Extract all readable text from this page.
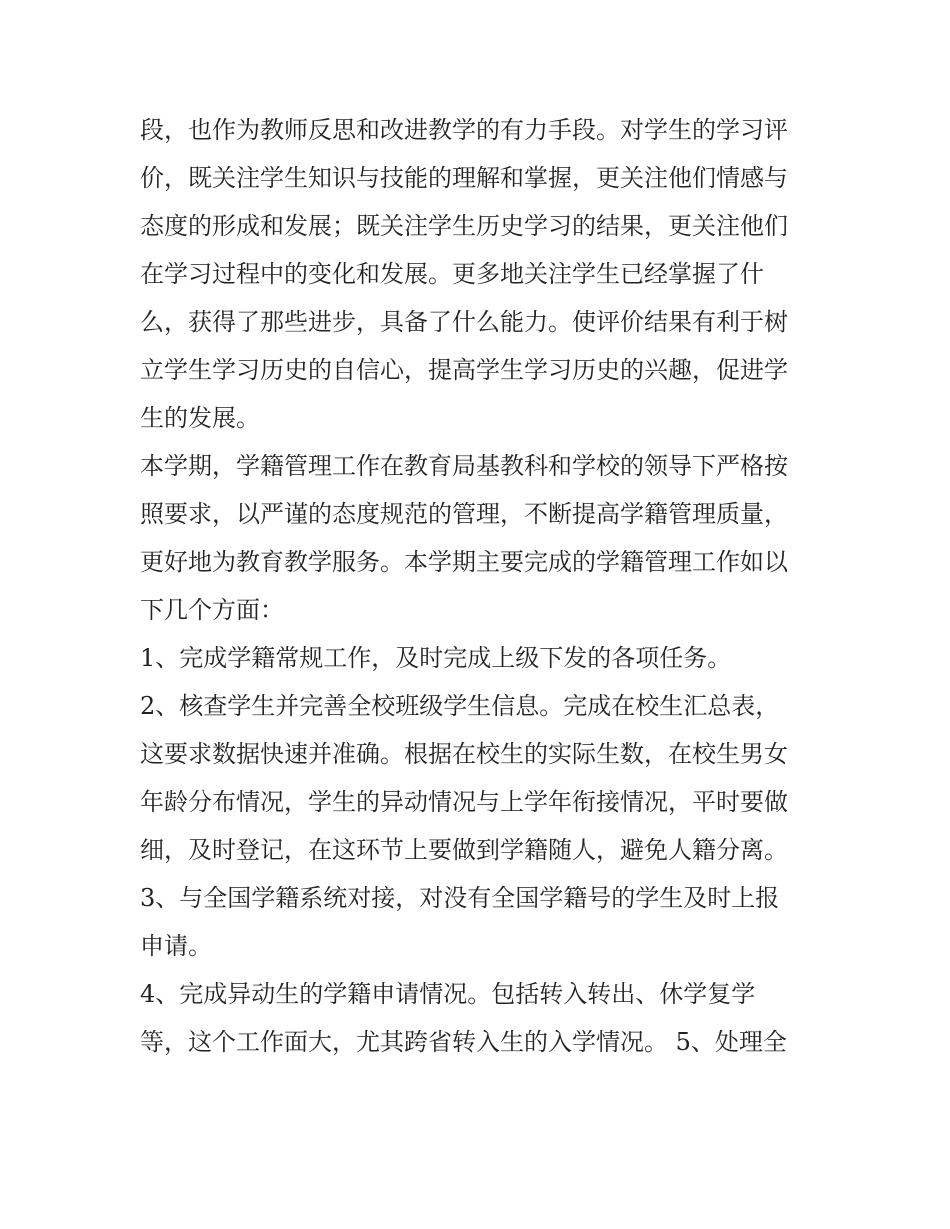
段，也作为教师反思和改进教学的有力手段。对学生的学习评
价，既关注学生知识与技能的理解和掌握，更关注他们情感与
态度的形成和发展；既关注学生历史学习的结果，更关注他们
在学习过程中的变化和发展。更多地关注学生已经掌握了什
么，获得了那些进步，具备了什么能力。使评价结果有利于树
立学生学习历史的自信心，提高学生学习历史的兴趣，促进学
生的发展。
本学期，学籍管理工作在教育局基教科和学校的领导下严格按
照要求，以严谨的态度规范的管理，不断提高学籍管理质量，
更好地为教育教学服务。本学期主要完成的学籍管理工作如以
下几个方面：
1、完成学籍常规工作，及时完成上级下发的各项任务。
2、核查学生并完善全校班级学生信息。完成在校生汇总表，
这要求数据快速并准确。根据在校生的实际生数，在校生男女
年龄分布情况，学生的异动情况与上学年衔接情况，平时要做
细，及时登记，在这环节上要做到学籍随人，避免人籍分离。
3、与全国学籍系统对接，对没有全国学籍号的学生及时上报
申请。
4、完成异动生的学籍申请情况。包括转入转出、休学复学
等，这个工作面大，尤其跨省转入生的入学情况。 5、处理全
